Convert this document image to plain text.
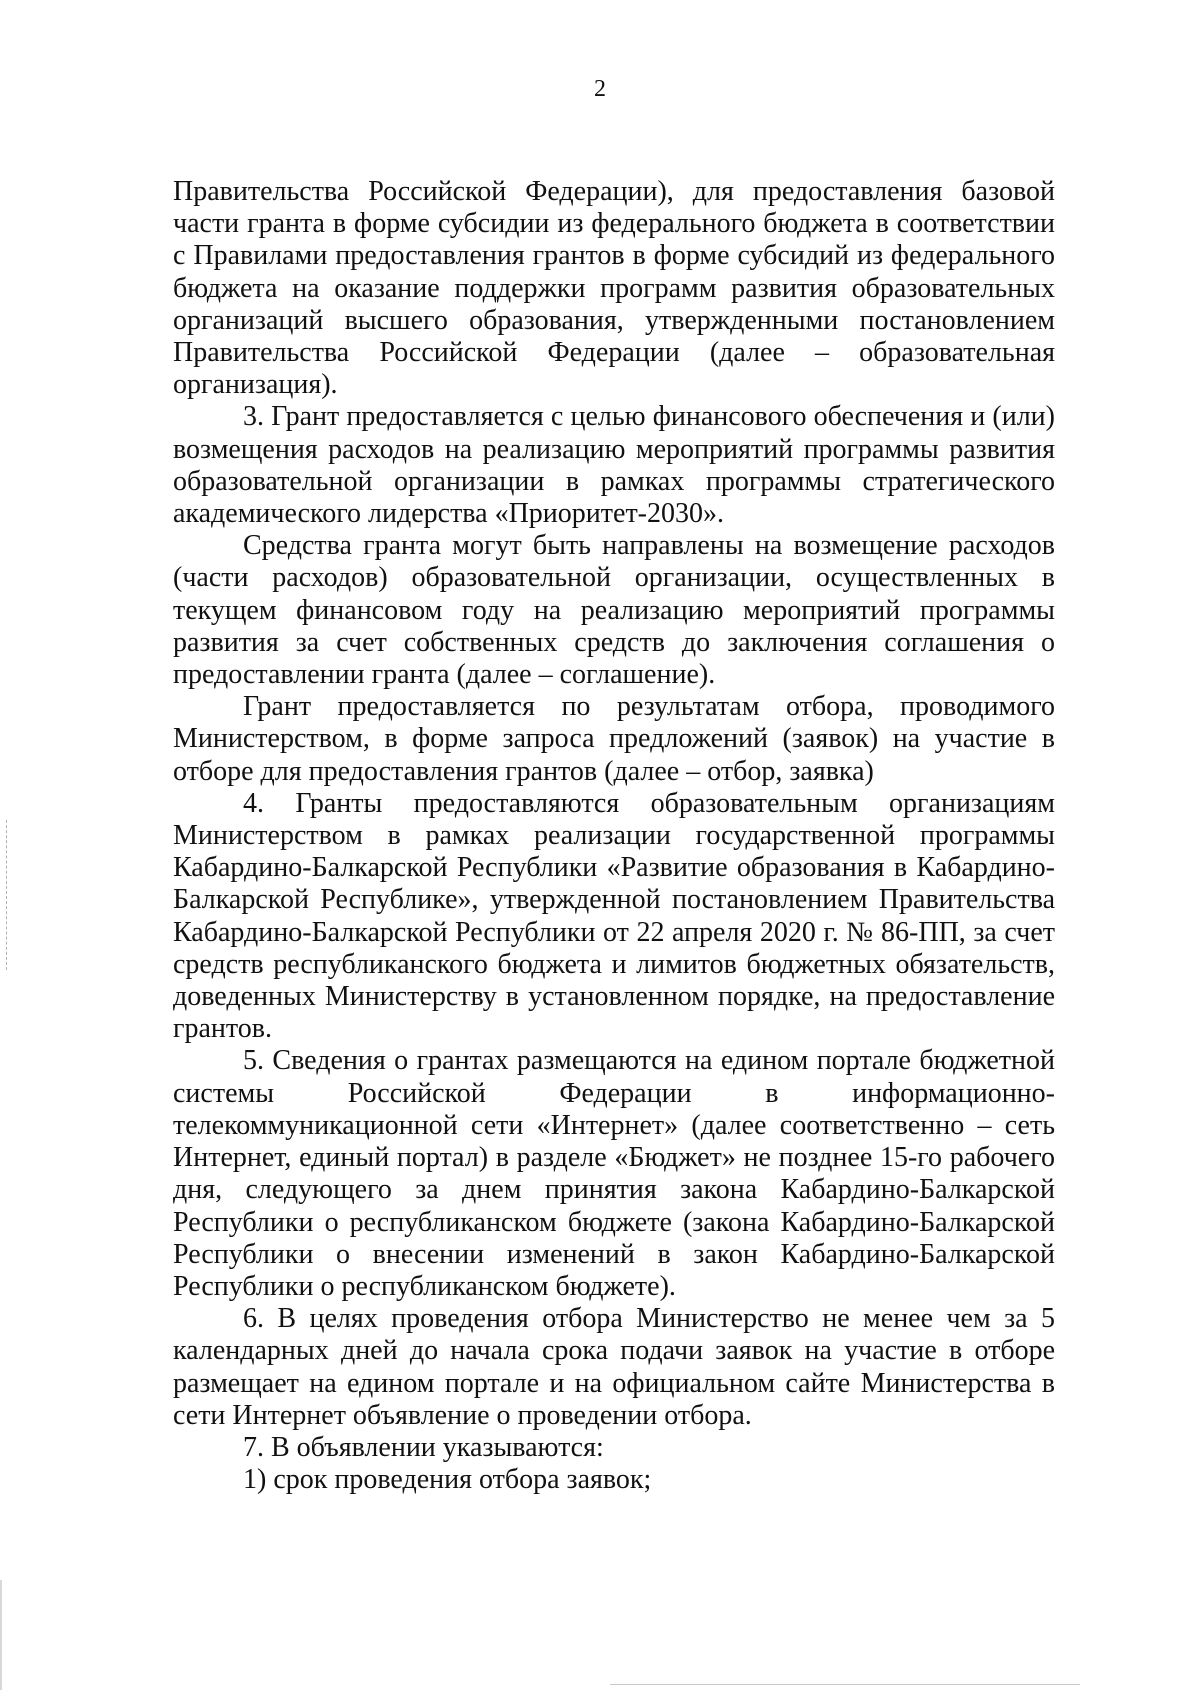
2

Правительства Российской Федерации), для предоставления базовой части гранта в форме субсидии из федерального бюджета в соответствии с Правилами предоставления грантов в форме субсидий из федерального бюджета на оказание поддержки программ развития образовательных организаций высшего образования, утвержденными постановлением Правительства Российской Федерации (далее – образовательная организация).

3. Грант предоставляется с целью финансового обеспечения и (или) возмещения расходов на реализацию мероприятий программы развития образовательной организации в рамках программы стратегического академического лидерства «Приоритет-2030».

Средства гранта могут быть направлены на возмещение расходов (части расходов) образовательной организации, осуществленных в текущем финансовом году на реализацию мероприятий программы развития за счет собственных средств до заключения соглашения о предоставлении гранта (далее – соглашение).

Грант предоставляется по результатам отбора, проводимого Министерством, в форме запроса предложений (заявок) на участие в отборе для предоставления грантов (далее – отбор, заявка)

4. Гранты предоставляются образовательным организациям Министерством в рамках реализации государственной программы Кабардино-Балкарской Республики «Развитие образования в Кабардино-Балкарской Республике», утвержденной постановлением Правительства Кабардино-Балкарской Республики от 22 апреля 2020 г. № 86-ПП, за счет средств республиканского бюджета и лимитов бюджетных обязательств, доведенных Министерству в установленном порядке, на предоставление грантов.

5. Сведения о грантах размещаются на едином портале бюджетной системы Российской Федерации в информационно-телекоммуникационной сети «Интернет» (далее соответственно – сеть Интернет, единый портал) в разделе «Бюджет» не позднее 15-го рабочего дня, следующего за днем принятия закона Кабардино-Балкарской Республики о республиканском бюджете (закона Кабардино-Балкарской Республики о внесении изменений в закон Кабардино-Балкарской Республики о республиканском бюджете).

6. В целях проведения отбора Министерство не менее чем за 5 календарных дней до начала срока подачи заявок на участие в отборе размещает на едином портале и на официальном сайте Министерства в сети Интернет объявление о проведении отбора.

7. В объявлении указываются:

1) срок проведения отбора заявок;
